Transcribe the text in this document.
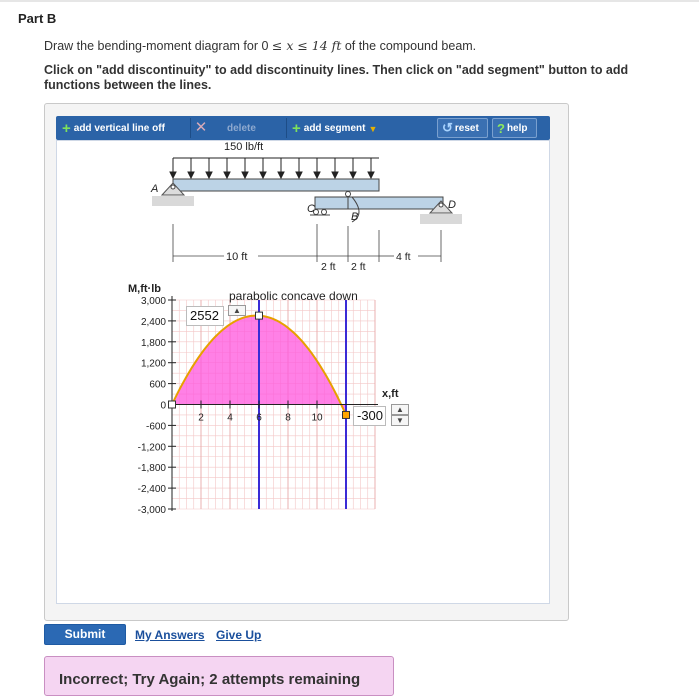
Part B
Draw the bending-moment diagram for 0 ≤ x ≤ 14 ft of the compound beam.
Click on "add discontinuity" to add discontinuity lines. Then click on "add segment" button to add functions between the lines.
+ add vertical line off ✕ delete + add segment ▼	↺ reset ? help
150 lb/ft
A
C
B
D
10 ft
2 ft 2 ft
4 ft
3,000
2,400
1,800
1,200
600
0
-600
-1,200
-1,800
-2,400
-3,000
2 4 6 8 10
M,ft·lb
x,ft
parabolic concave down
2552	▲
-300	▲
▼
Submit	My Answers Give Up
Incorrect; Try Again; 2 attempts remaining
